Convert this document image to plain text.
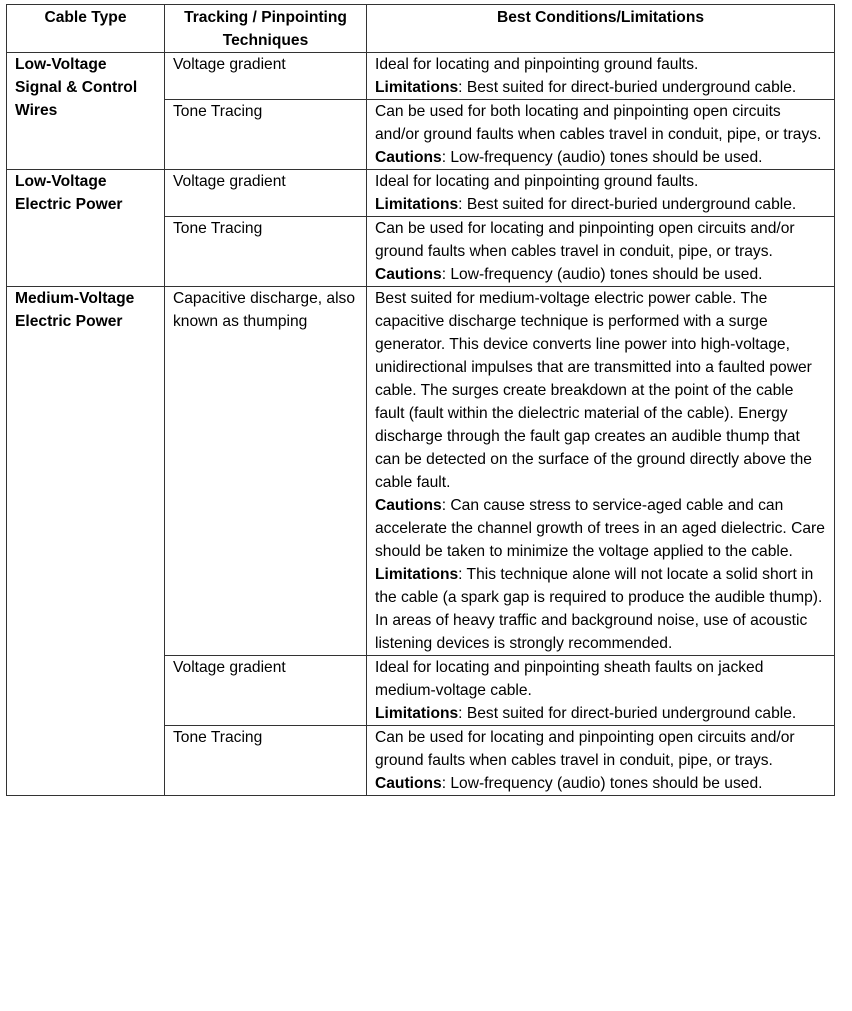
Cable Type	Tracking / Pinpointing Techniques	Best Conditions/Limitations
Low-Voltage Signal & Control Wires	Voltage gradient	Ideal for locating and pinpointing ground faults.
Limitations: Best suited for direct-buried underground cable.

	Tone Tracing	Can be used for both locating and pinpointing open circuits and/or ground faults when cables travel in conduit, pipe, or trays.
Cautions: Low-frequency (audio) tones should be used.

Low-Voltage Electric Power	Voltage gradient	Ideal for locating and pinpointing ground faults.
Limitations: Best suited for direct-buried underground cable.

	Tone Tracing	Can be used for locating and pinpointing open circuits and/or ground faults when cables travel in conduit, pipe, or trays.
Cautions: Low-frequency (audio) tones should be used.

Medium-Voltage Electric Power	Capacitive discharge, also known as thumping	Best suited for medium-voltage electric power cable. The capacitive discharge technique is performed with a surge generator. This device converts line power into high-voltage, unidirectional impulses that are transmitted into a faulted power cable. The surges create breakdown at the point of the cable fault (fault within the dielectric material of the cable). Energy discharge through the fault gap creates an audible thump that can be detected on the surface of the ground directly above the cable fault.
Cautions: Can cause stress to service-aged cable and can accelerate the channel growth of trees in an aged dielectric. Care should be taken to minimize the voltage applied to the cable.
Limitations: This technique alone will not locate a solid short in the cable (a spark gap is required to produce the audible thump). In areas of heavy traffic and background noise, use of acoustic listening devices is strongly recommended.

	Voltage gradient	Ideal for locating and pinpointing sheath faults on jacked medium-voltage cable.
Limitations: Best suited for direct-buried underground cable.

	Tone Tracing	Can be used for locating and pinpointing open circuits and/or ground faults when cables travel in conduit, pipe, or trays.
Cautions: Low-frequency (audio) tones should be used.
